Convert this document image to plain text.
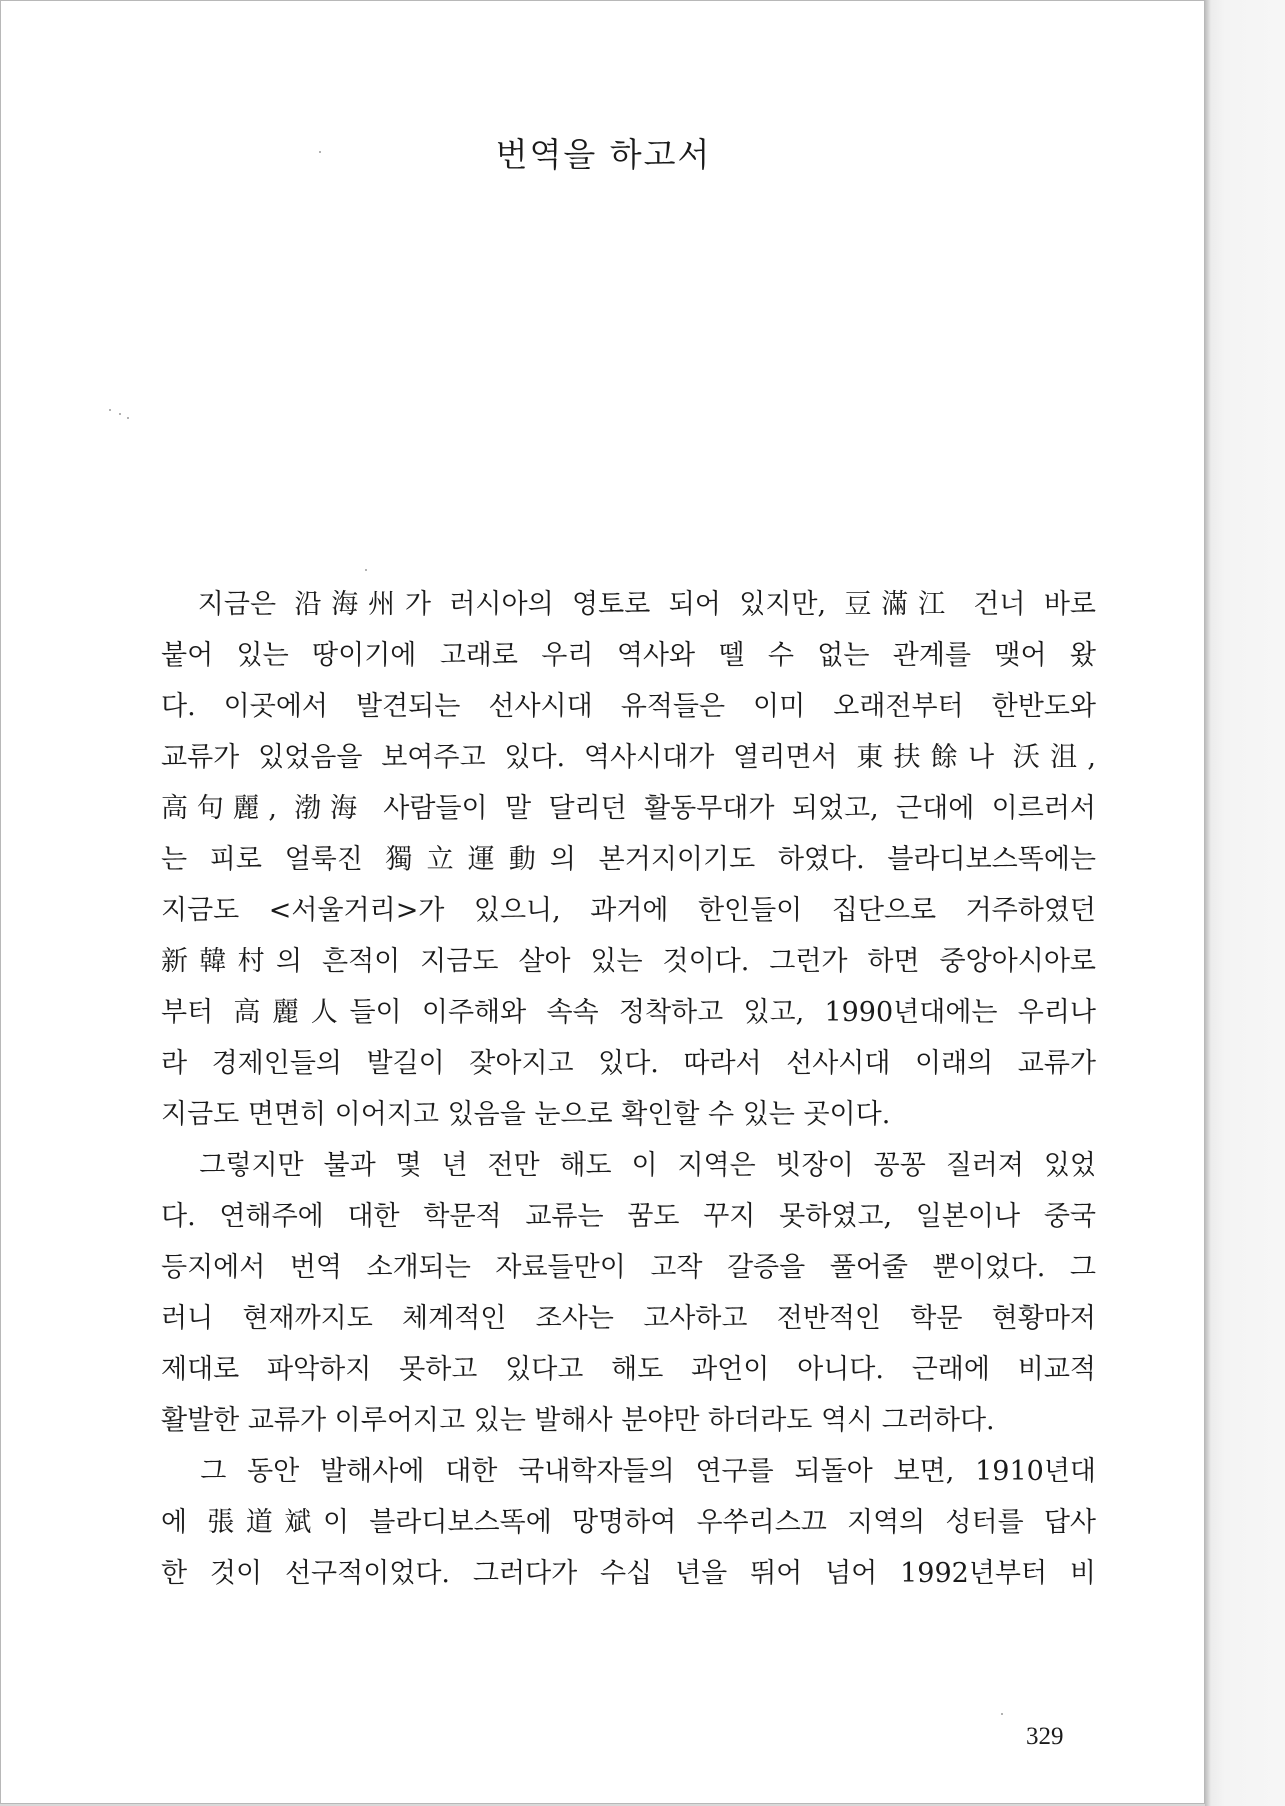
번역을 하고서
　지금은 沿海州가 러시아의 영토로 되어 있지만, 豆滿江 건너 바로
붙어 있는 땅이기에 고래로 우리 역사와 뗄 수 없는 관계를 맺어 왔
다. 이곳에서 발견되는 선사시대 유적들은 이미 오래전부터 한반도와
교류가 있었음을 보여주고 있다. 역사시대가 열리면서 東扶餘나 沃沮,
高句麗, 渤海 사람들이 말 달리던 활동무대가 되었고, 근대에 이르러서
는 피로 얼룩진 獨立運動의 본거지이기도 하였다. 블라디보스똑에는
지금도 <서울거리>가 있으니, 과거에 한인들이 집단으로 거주하였던
新韓村의 흔적이 지금도 살아 있는 것이다. 그런가 하면 중앙아시아로
부터 高麗人들이 이주해와 속속 정착하고 있고, 1990년대에는 우리나
라 경제인들의 발길이 잦아지고 있다. 따라서 선사시대 이래의 교류가
지금도 면면히 이어지고 있음을 눈으로 확인할 수 있는 곳이다.
　그렇지만 불과 몇 년 전만 해도 이 지역은 빗장이 꽁꽁 질러져 있었
다. 연해주에 대한 학문적 교류는 꿈도 꾸지 못하였고, 일본이나 중국
등지에서 번역 소개되는 자료들만이 고작 갈증을 풀어줄 뿐이었다. 그
러니 현재까지도 체계적인 조사는 고사하고 전반적인 학문 현황마저
제대로 파악하지 못하고 있다고 해도 과언이 아니다. 근래에 비교적
활발한 교류가 이루어지고 있는 발해사 분야만 하더라도 역시 그러하다.
　그 동안 발해사에 대한 국내학자들의 연구를 되돌아 보면, 1910년대
에 張道斌이 블라디보스똑에 망명하여 우쑤리스끄 지역의 성터를 답사
한 것이 선구적이었다. 그러다가 수십 년을 뛰어 넘어 1992년부터 비
329
